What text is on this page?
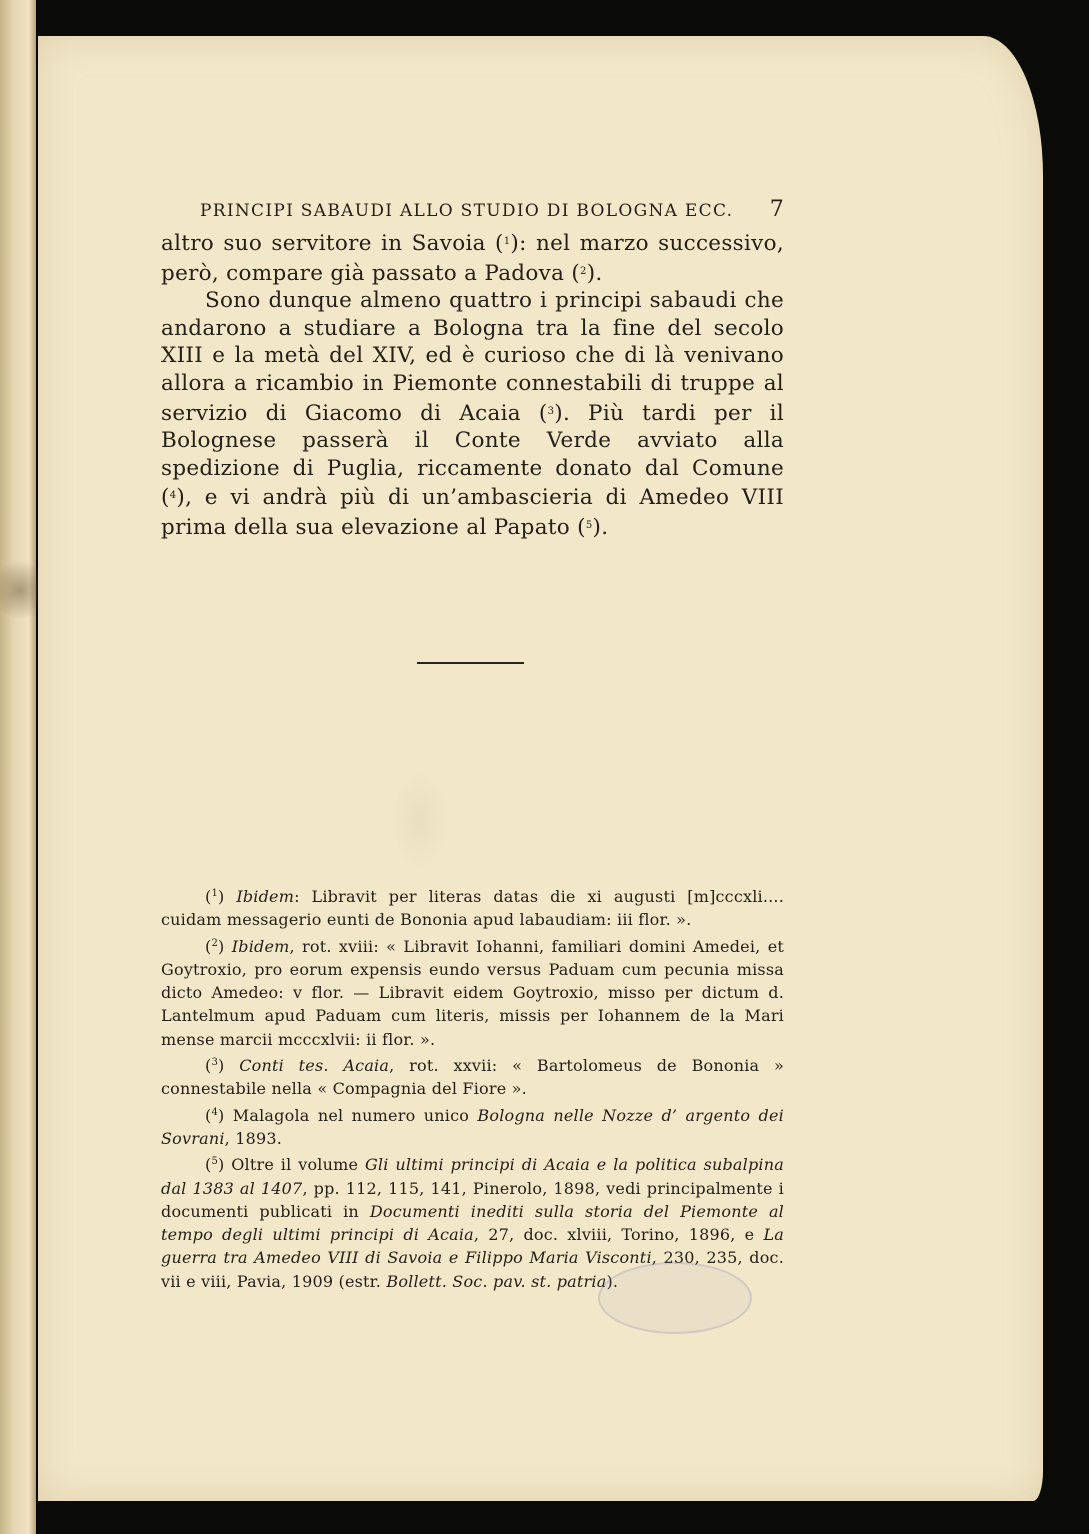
PRINCIPI SABAUDI ALLO STUDIO DI BOLOGNA ECC. 7

altro suo servitore in Savoia ($^1$): nel marzo successivo, però, compare già passato a Padova ($^2$).

Sono dunque almeno quattro i principi sabaudi che andarono a studiare a Bologna tra la fine del secolo XIII e la metà del XIV, ed è curioso che di là venivano allora a ricambio in Piemonte connestabili di truppe al servizio di Giacomo di Acaia ($^3$). Più tardi per il Bolognese passerà il Conte Verde avviato alla spedizione di Puglia, riccamente donato dal Comune ($^4$), e vi andrà più di un’ambascieria di Amedeo VIII prima della sua elevazione al Papato ($^5$).

($^1$) Ibidem: Libravit per literas datas die xi augusti [m]cccxli.... cuidam messagerio eunti de Bononia apud labaudiam: iii flor. ».

($^2$) Ibidem, rot. xviii: « Libravit Iohanni, familiari domini Amedei, et Goytroxio, pro eorum expensis eundo versus Paduam cum pecunia missa dicto Amedeo: v flor. — Libravit eidem Goytroxio, misso per dictum d. Lantelmum apud Paduam cum literis, missis per Iohannem de la Mari mense marcii mcccxlvii: ii flor. ».

($^3$) Conti tes. Acaia, rot. xxvii: « Bartolomeus de Bononia » connestabile nella « Compagnia del Fiore ».

($^4$) Malagola nel numero unico Bologna nelle Nozze d’ argento dei Sovrani, 1893.

($^5$) Oltre il volume Gli ultimi principi di Acaia e la politica subalpina dal 1383 al 1407, pp. 112, 115, 141, Pinerolo, 1898, vedi principalmente i documenti publicati in Documenti inediti sulla storia del Piemonte al tempo degli ultimi principi di Acaia, 27, doc. xlviii, Torino, 1896, e La guerra tra Amedeo VIII di Savoia e Filippo Maria Visconti, 230, 235, doc. vii e viii, Pavia, 1909 (estr. Bollett. Soc. pav. st. patria).
